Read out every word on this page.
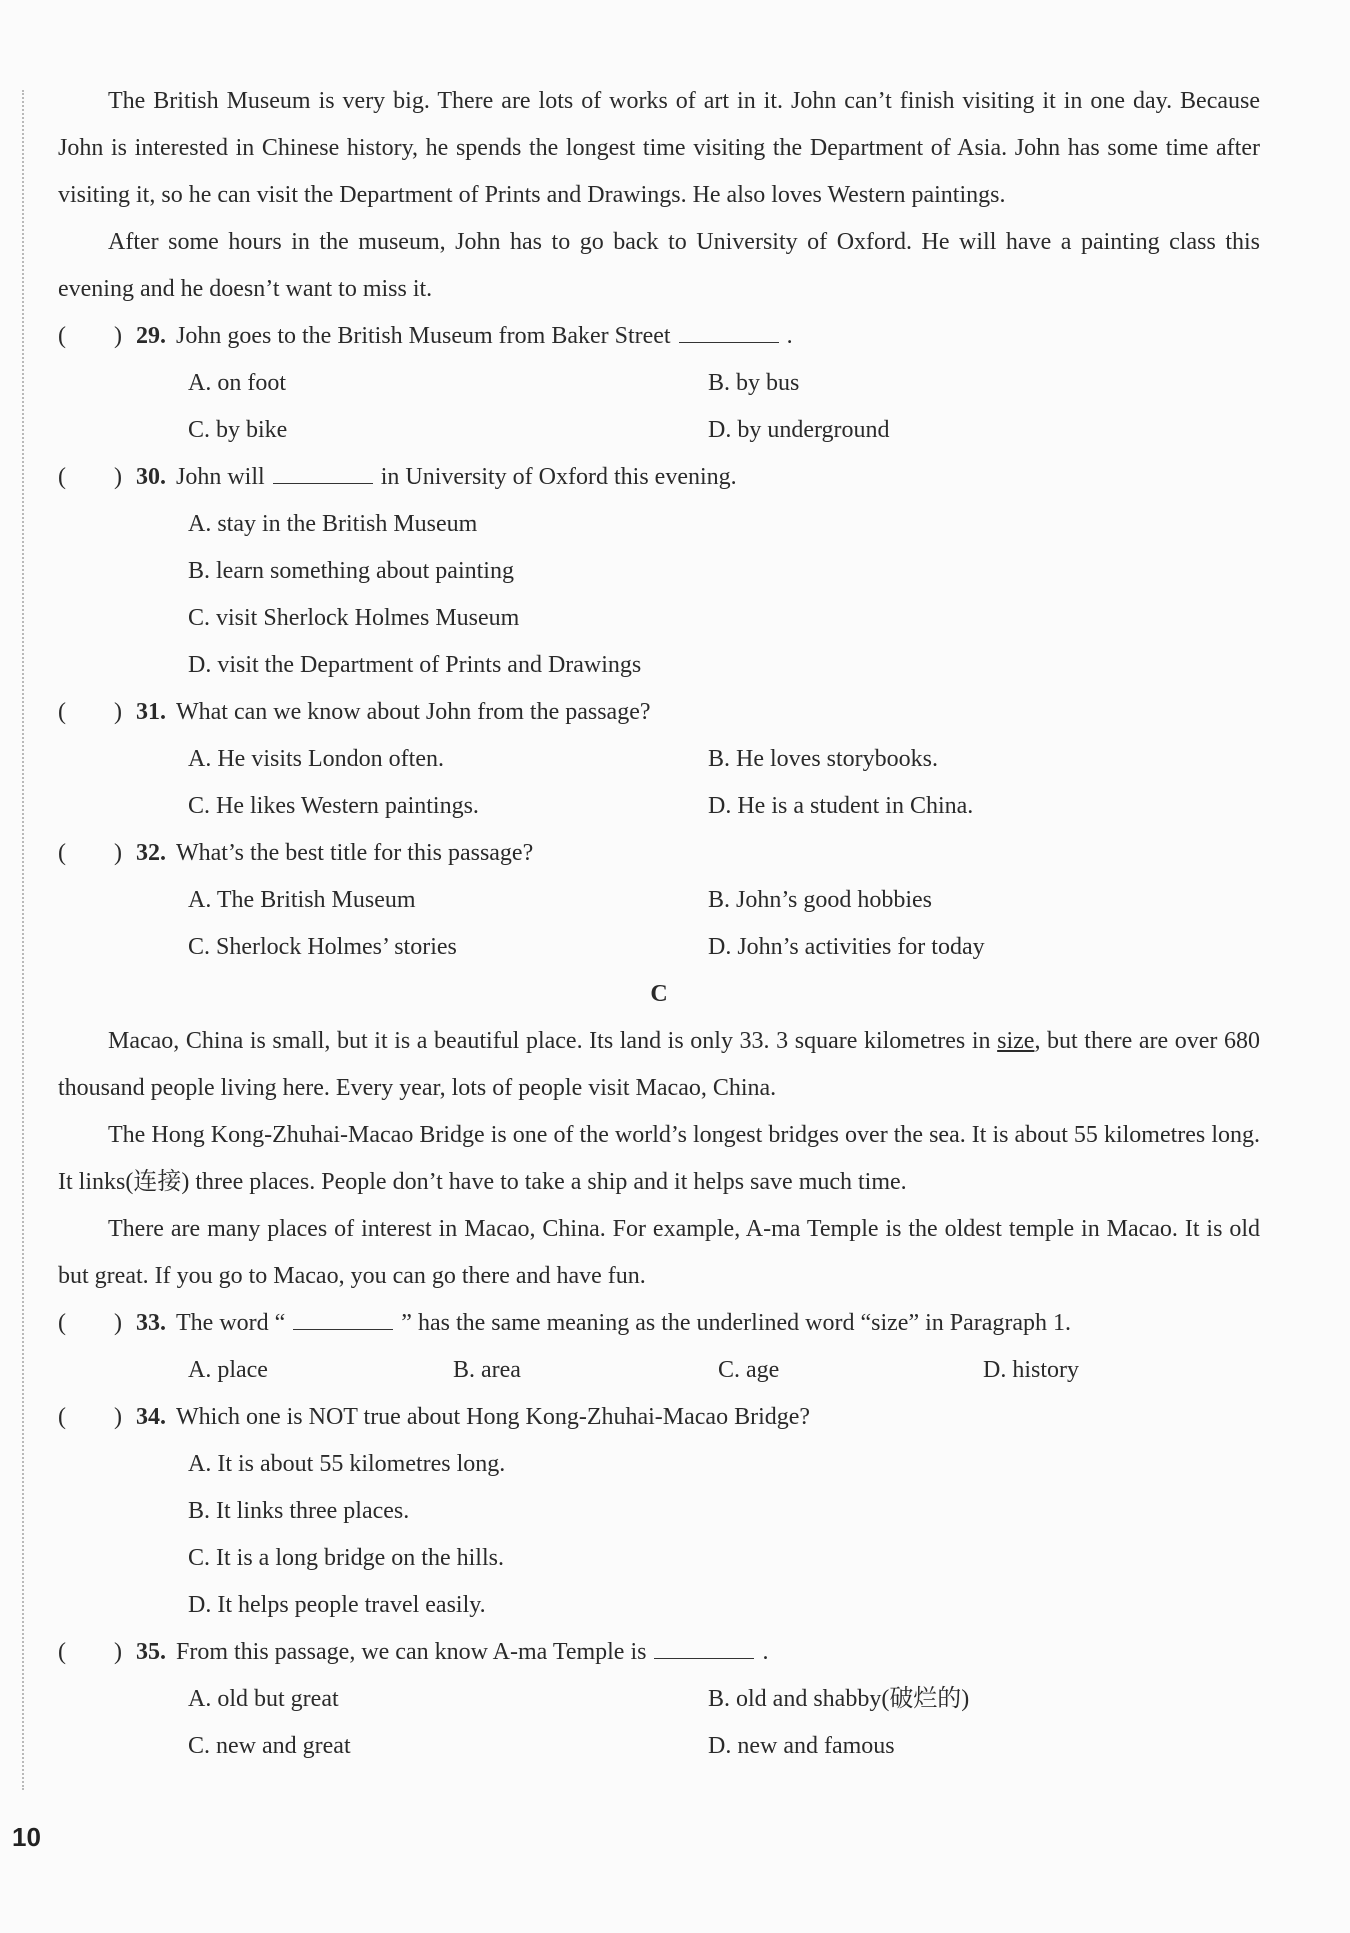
The British Museum is very big. There are lots of works of art in it. John can’t finish visiting it in one day. Because John is interested in Chinese history, he spends the longest time visiting the Department of Asia. John has some time after visiting it, so he can visit the Department of Prints and Drawings. He also loves Western paintings.

After some hours in the museum, John has to go back to University of Oxford. He will have a painting class this evening and he doesn’t want to miss it.

(	) 29. John goes to the British Museum from Baker Street	.
A. on foot	B. by bus
C. by bike	D. by underground
(	) 30. John will	in University of Oxford this evening.
A. stay in the British Museum
B. learn something about painting
C. visit Sherlock Holmes Museum
D. visit the Department of Prints and Drawings
(	) 31. What can we know about John from the passage?
A. He visits London often.	B. He loves storybooks.
C. He likes Western paintings.	D. He is a student in China.
(	) 32. What’s the best title for this passage?
A. The British Museum	B. John’s good hobbies
C. Sherlock Holmes’ stories	D. John’s activities for today
C

Macao, China is small, but it is a beautiful place. Its land is only 33. 3 square kilometres in size, but there are over 680 thousand people living here. Every year, lots of people visit Macao, China.

The Hong Kong-Zhuhai-Macao Bridge is one of the world’s longest bridges over the sea. It is about 55 kilometres long. It links(连接) three places. People don’t have to take a ship and it helps save much time.

There are many places of interest in Macao, China. For example, A-ma Temple is the oldest temple in Macao. It is old but great. If you go to Macao, you can go there and have fun.

(	) 33. The word “	” has the same meaning as the underlined word “size” in Paragraph 1.
A. place	B. area	C. age	D. history
(	) 34. Which one is NOT true about Hong Kong-Zhuhai-Macao Bridge?
A. It is about 55 kilometres long.
B. It links three places.
C. It is a long bridge on the hills.
D. It helps people travel easily.
(	) 35. From this passage, we can know A-ma Temple is	.
A. old but great	B. old and shabby(破烂的)
C. new and great	D. new and famous
10
